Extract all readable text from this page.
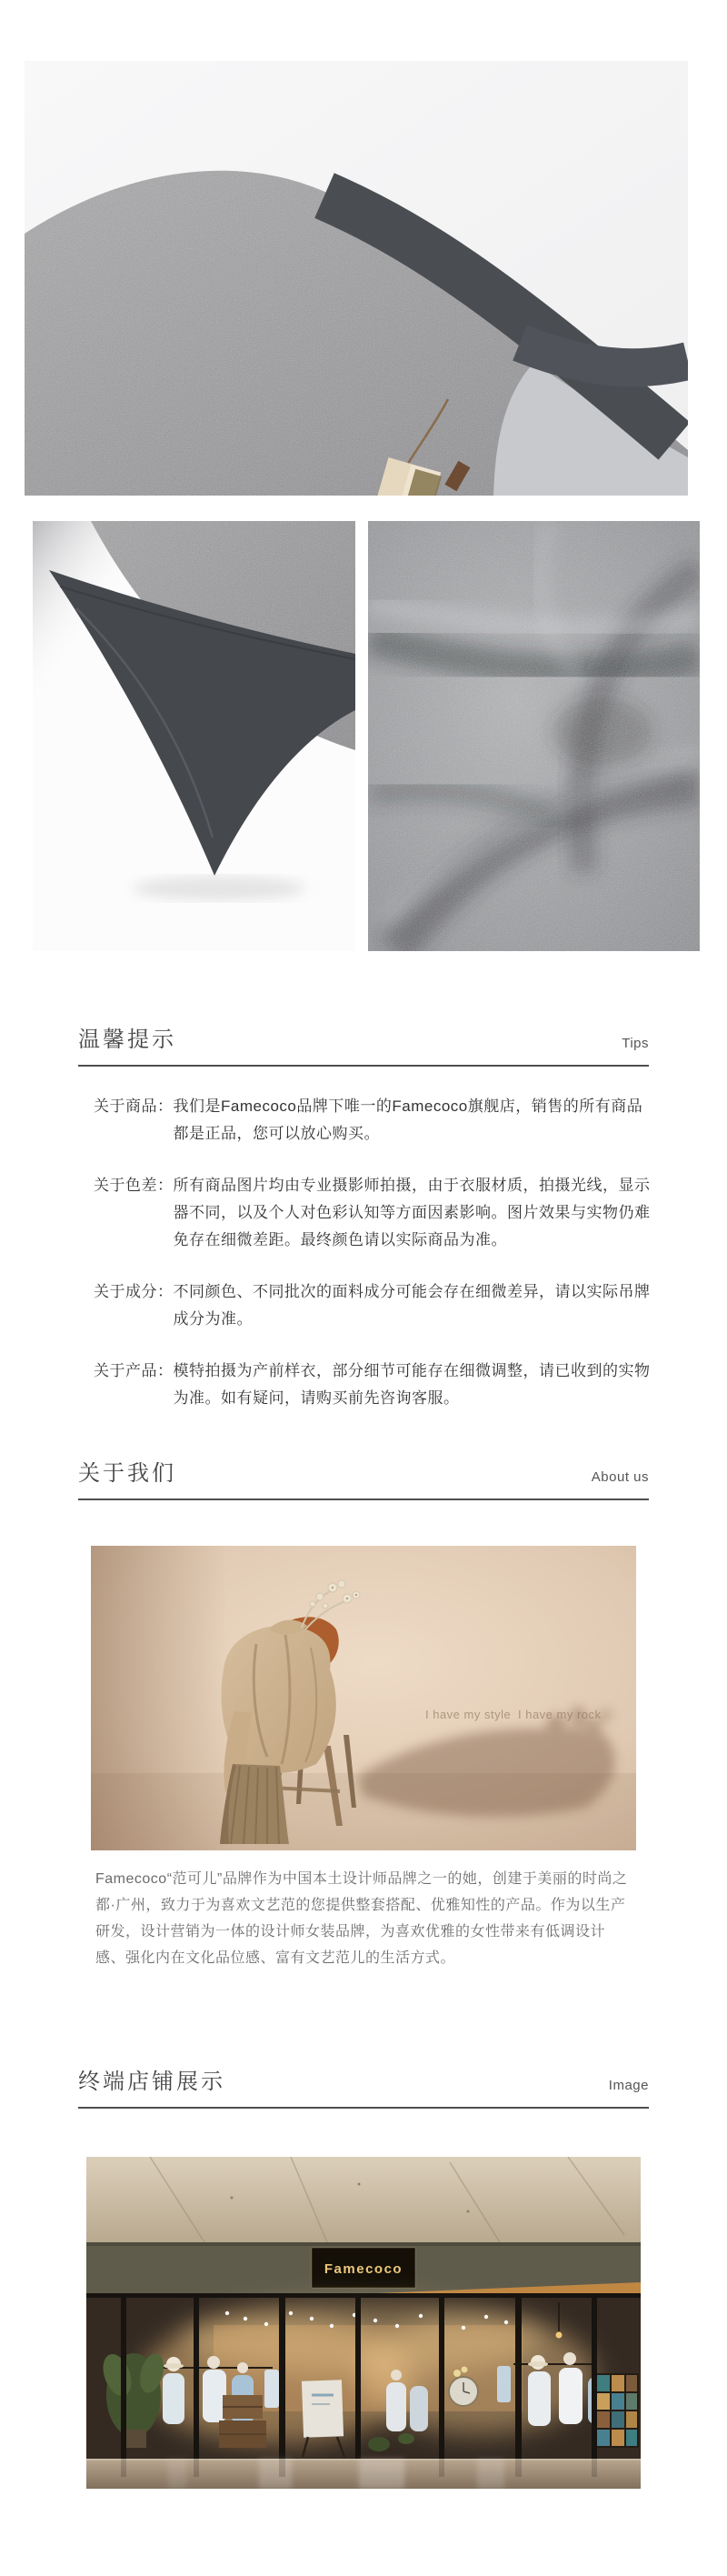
温馨提示	Tips
关于商品： 我们是Famecoco品牌下唯一的Famecoco旗舰店，销售的所有商品都是正品，您可以放心购买。
关于色差： 所有商品图片均由专业摄影师拍摄，由于衣服材质，拍摄光线，显示器不同，以及个人对色彩认知等方面因素影响。图片效果与实物仍难免存在细微差距。最终颜色请以实际商品为准。
关于成分： 不同颜色、不同批次的面料成分可能会存在细微差异，请以实际吊牌成分为准。
关于产品： 模特拍摄为产前样衣，部分细节可能存在细微调整，请已收到的实物为准。如有疑问，请购买前先咨询客服。
关于我们	About us
I have my style I have my rock
Famecoco“范可儿”品牌作为中国本土设计师品牌之一的她，创建于美丽的时尚之都·广州，致力于为喜欢文艺范的您提供整套搭配、优雅知性的产品。作为以生产研发，设计营销为一体的设计师女装品牌，为喜欢优雅的女性带来有低调设计感、强化内在文化品位感、富有文艺范儿的生活方式。
终端店铺展示	Image
Famecoco
